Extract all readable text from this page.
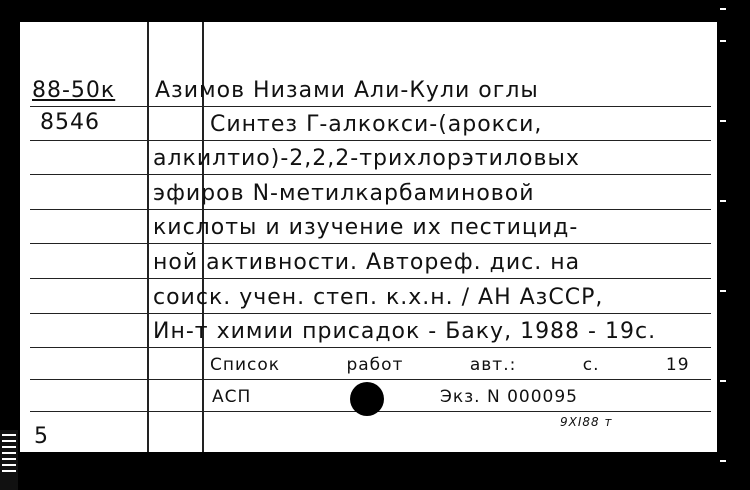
88-50к
8546
5
Азимов Низами Али-Кули оглы
Синтез Γ-алкокси-(арокси,
алкилтио)-2,2,2-трихлорэтиловых
эфиров N-метилкарбаминовой
кислоты и изучение их пестицид-
ной активности. Автореф. дис. на
соиск. учен. степ. к.х.н. / АН АзССР,
Ин-т химии присадок - Баку, 1988 - 19с.
Список работ авт.: с. 19
АСП	Экз. N 000095
9XI88 т
